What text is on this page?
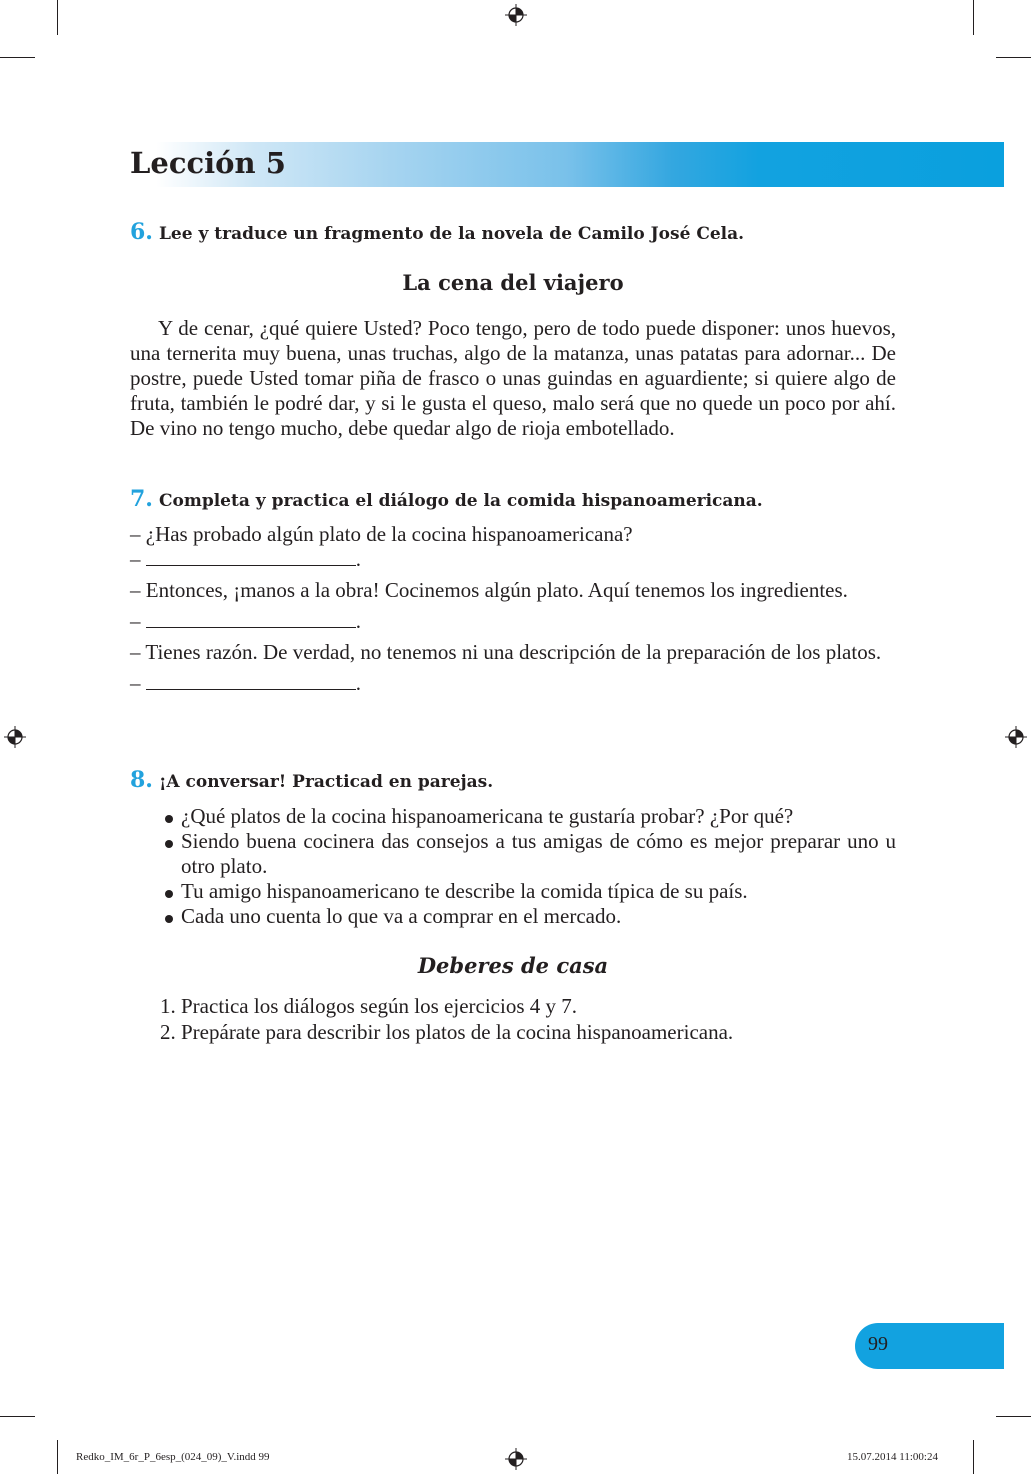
Lección 5

6. Lee y traduce un fragmento de la novela de Camilo José Cela.

La cena del viajero

Y de cenar, ¿qué quiere Usted? Poco tengo, pero de todo puede disponer: unos huevos, una ternerita muy buena, unas truchas, algo de la matanza, unas patatas para adornar... De postre, puede Usted tomar piña de frasco o unas guindas en aguardiente; si quiere algo de fruta, también le podré dar, y si le gusta el queso, malo será que no quede un poco por ahí. De vino no tengo mucho, debe quedar algo de rioja embotellado.

7. Completa y practica el diálogo de la comida hispanoamericana.

– ¿Has probado algún plato de la cocina hispanoamericana?
–	.
– Entonces, ¡manos a la obra! Cocinemos algún plato. Aquí tenemos los ingredientes.
–	.
– Tienes razón. De verdad, no tenemos ni una descripción de la preparación de los platos.
–	.

8. ¡A conversar! Practicad en parejas.

¿Qué platos de la cocina hispanoamericana te gustaría probar? ¿Por qué?
Siendo buena cocinera das consejos a tus amigas de cómo es mejor preparar uno u otro plato.
Tu amigo hispanoamericano te describe la comida típica de su país.
Cada uno cuenta lo que va a comprar en el mercado.
Deberes de casa
1. Practica los diálogos según los ejercicios 4 y 7.
2. Prepárate para describir los platos de la cocina hispanoamericana.
99
Redko_IM_6r_P_6esp_(024_09)_V.indd 99	15.07.2014 11:00:24
